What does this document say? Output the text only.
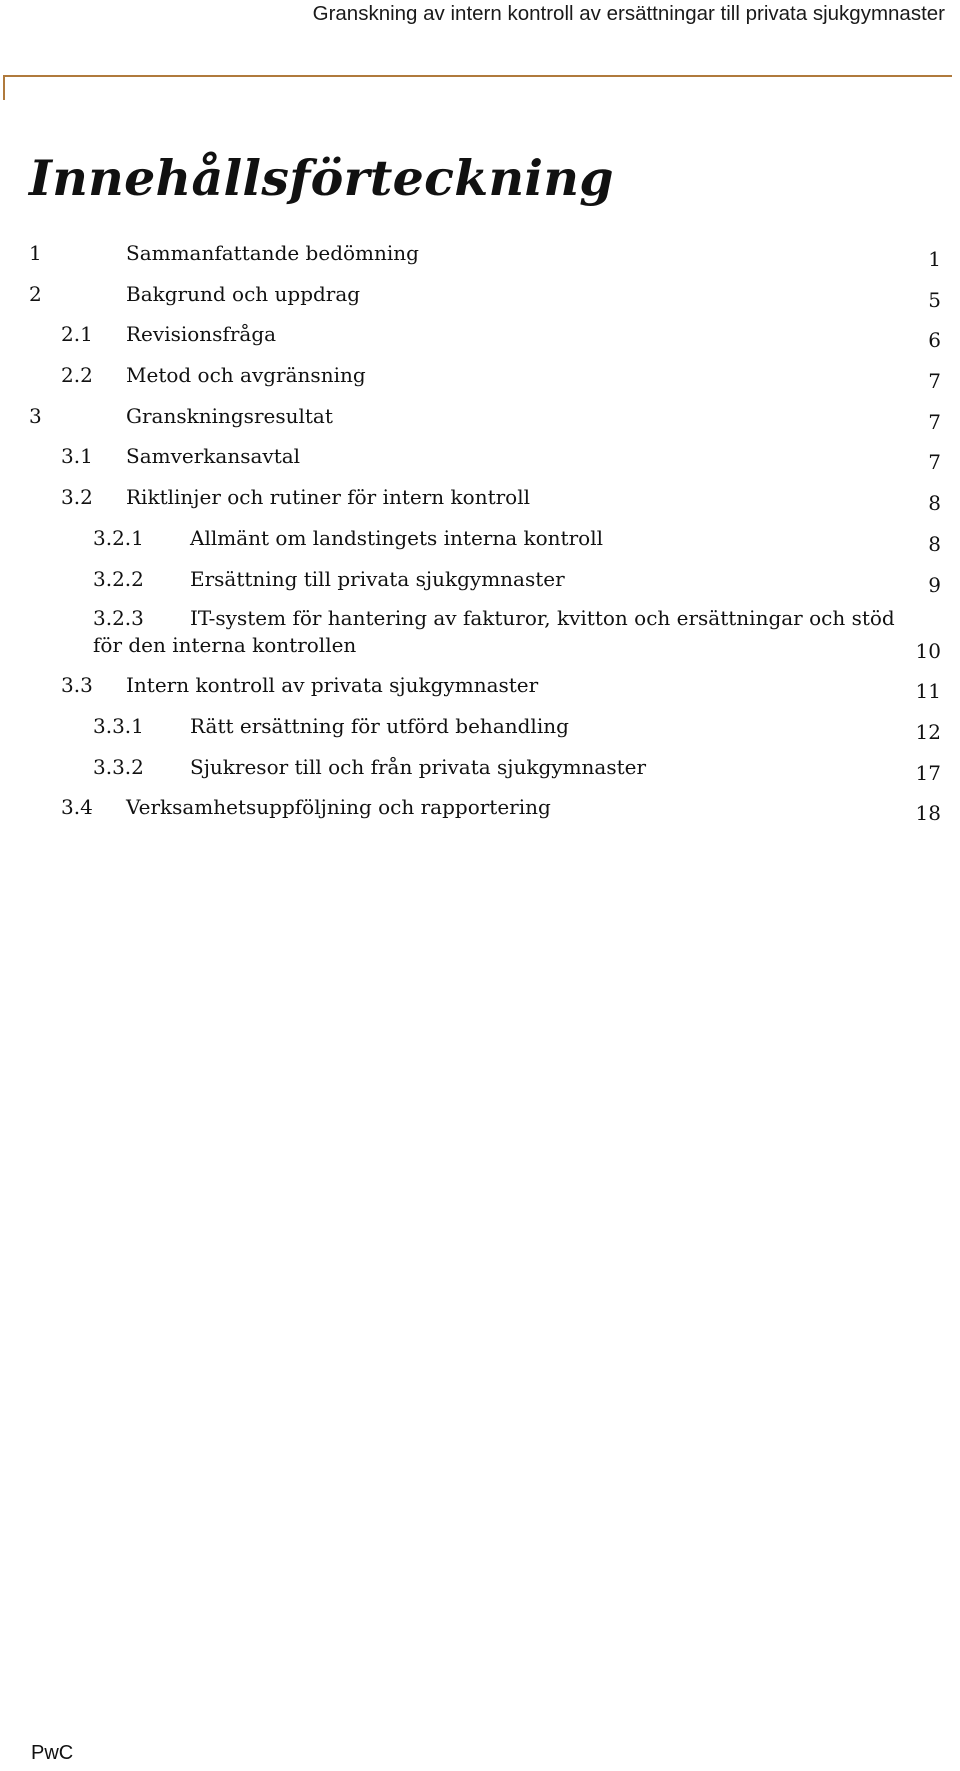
Granskning av intern kontroll av ersättningar till privata sjukgymnaster
Innehållsförteckning
1	Sammanfattande bedömning	1
2	Bakgrund och uppdrag	5
2.1 Revisionsfråga	6
2.2 Metod och avgränsning	7
3	Granskningsresultat	7
3.1 Samverkansavtal	7
3.2 Riktlinjer och rutiner för intern kontroll	8
3.2.1 Allmänt om landstingets interna kontroll	8
3.2.2 Ersättning till privata sjukgymnaster	9
3.2.3 IT-system för hantering av fakturor, kvitton och ersättningar och stöd för den interna kontrollen	10
3.3 Intern kontroll av privata sjukgymnaster	11
3.3.1 Rätt ersättning för utförd behandling	12
3.3.2 Sjukresor till och från privata sjukgymnaster	17
3.4 Verksamhetsuppföljning och rapportering	18
PwC
